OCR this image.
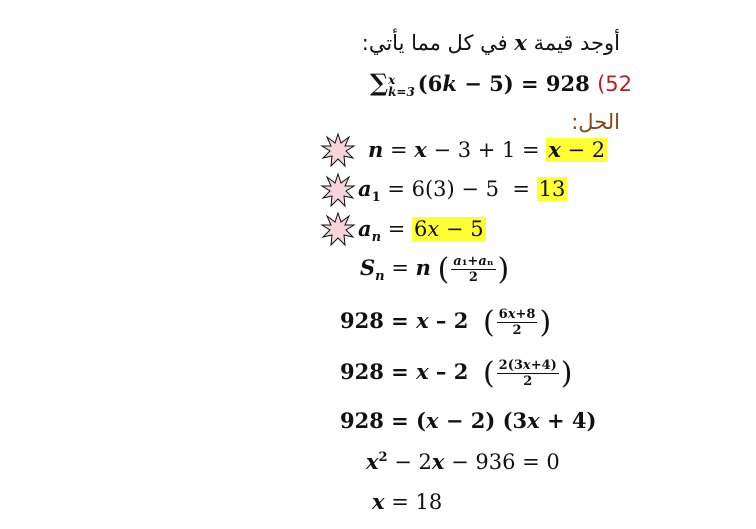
أوجد قيمة x في كل مما يأتي:
∑ x
k=3 (6k − 5) = 928 (52
الحل:
n = x − 3 + 1 = x − 2
$a_1 = 6(3) - 5 = 13$
$a_n = 6x - 5$
$S_n = n$ ( $\frac{\text{a₁+aₙ}}{2}$ )
928 = x – 2  ( $\frac{6x+8}{2}$ )
928 = x – 2  ( $\frac{2(3x+4)}{2}$ )
928 = (x − 2) (3x + 4)
$x^2 - 2x - 936 = 0$
x = 18
